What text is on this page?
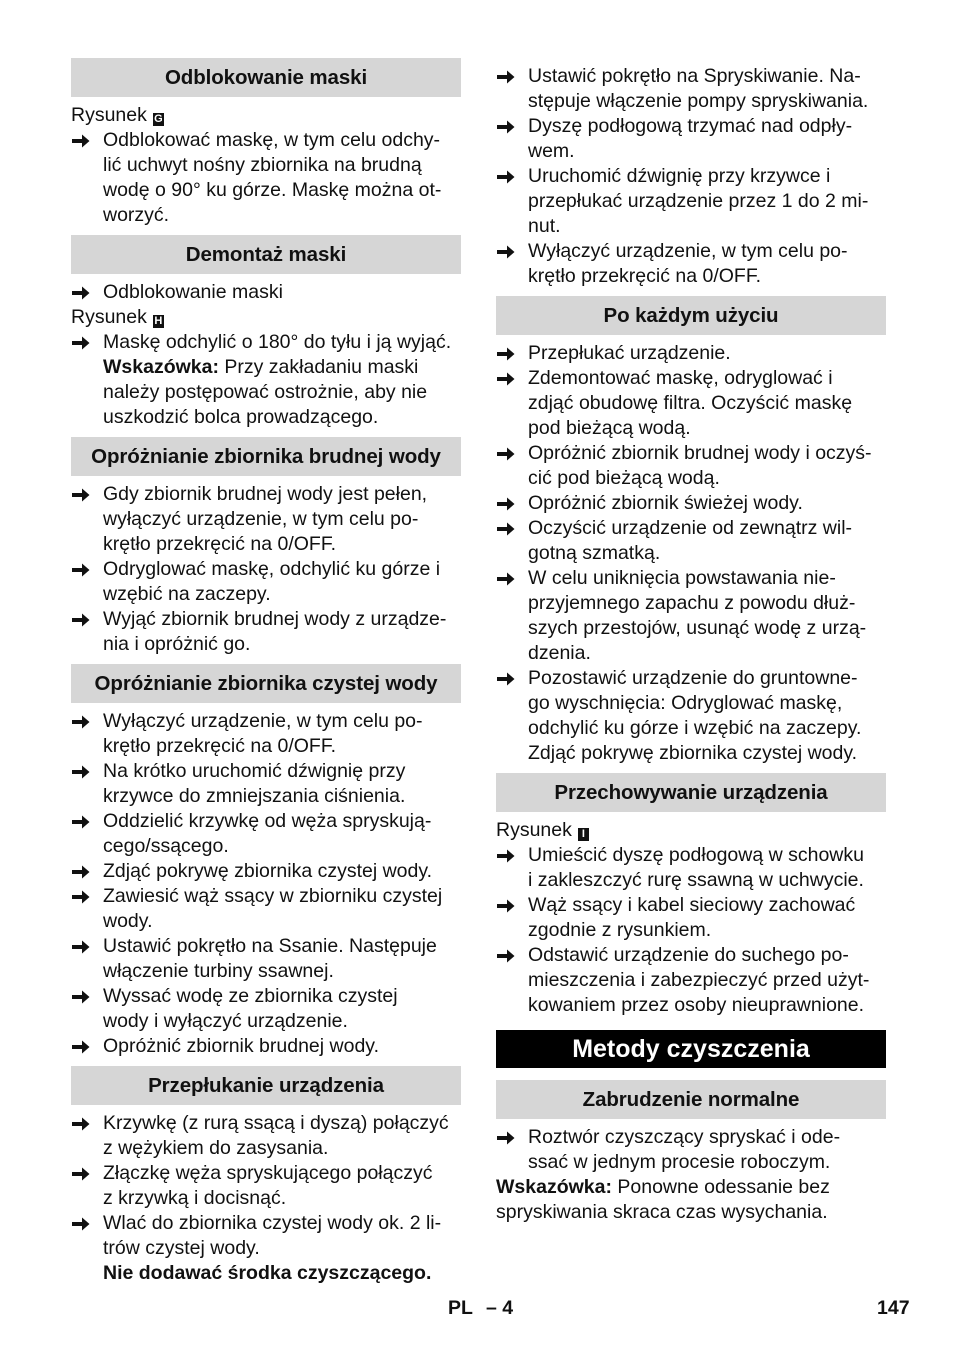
Odblokowanie maski
Rysunek G
Odblokować maskę, w tym celu odchy-
lić uchwyt nośny zbiornika na brudną
wodę o 90° ku górze. Maskę można ot-
worzyć.
Demontaż maski
Odblokowanie maski
Rysunek H
Maskę odchylić o 180° do tyłu i ją wyjąć.
Wskazówka: Przy zakładaniu maski
należy postępować ostrożnie, aby nie
uszkodzić bolca prowadzącego.
Opróżnianie zbiornika brudnej wody
Gdy zbiornik brudnej wody jest pełen,
wyłączyć urządzenie, w tym celu po-
krętło przekręcić na 0/OFF.
Odryglować maskę, odchylić ku górze i
wzębić na zaczepy.
Wyjąć zbiornik brudnej wody z urządze-
nia i opróżnić go.
Opróżnianie zbiornika czystej wody
Wyłączyć urządzenie, w tym celu po-
krętło przekręcić na 0/OFF.
Na krótko uruchomić dźwignię przy
krzywce do zmniejszania ciśnienia.
Oddzielić krzywkę od węża spryskują-
cego/ssącego.
Zdjąć pokrywę zbiornika czystej wody.
Zawiesić wąż ssący w zbiorniku czystej
wody.
Ustawić pokrętło na Ssanie. Następuje
włączenie turbiny ssawnej.
Wyssać wodę ze zbiornika czystej
wody i wyłączyć urządzenie.
Opróżnić zbiornik brudnej wody.
Przepłukanie urządzenia
Krzywkę (z rurą ssącą i dyszą) połączyć
z wężykiem do zasysania.
Złączkę węża spryskującego połączyć
z krzywką i docisnąć.
Wlać do zbiornika czystej wody ok. 2 li-
trów czystej wody.
Nie dodawać środka czyszczącego.
Ustawić pokrętło na Spryskiwanie. Na-
stępuje włączenie pompy spryskiwania.
Dyszę podłogową trzymać nad odpły-
wem.
Uruchomić dźwignię przy krzywce i
przepłukać urządzenie przez 1 do 2 mi-
nut.
Wyłączyć urządzenie, w tym celu po-
krętło przekręcić na 0/OFF.
Po każdym użyciu
Przepłukać urządzenie.
Zdemontować maskę, odryglować i
zdjąć obudowę filtra. Oczyścić maskę
pod bieżącą wodą.
Opróżnić zbiornik brudnej wody i oczyś-
cić pod bieżącą wodą.
Opróżnić zbiornik świeżej wody.
Oczyścić urządzenie od zewnątrz wil-
gotną szmatką.
W celu uniknięcia powstawania nie-
przyjemnego zapachu z powodu dłuż-
szych przestojów, usunąć wodę z urzą-
dzenia.
Pozostawić urządzenie do gruntowne-
go wyschnięcia: Odryglować maskę,
odchylić ku górze i wzębić na zaczepy.
Zdjąć pokrywę zbiornika czystej wody.
Przechowywanie urządzenia
Rysunek I
Umieścić dyszę podłogową w schowku
i zakleszczyć rurę ssawną w uchwycie.
Wąż ssący i kabel sieciowy zachować
zgodnie z rysunkiem.
Odstawić urządzenie do suchego po-
mieszczenia i zabezpieczyć przed użyt-
kowaniem przez osoby nieuprawnione.
Metody czyszczenia
Zabrudzenie normalne
Roztwór czyszczący spryskać i ode-
ssać w jednym procesie roboczym.
Wskazówka: Ponowne odessanie bez
spryskiwania skraca czas wysychania.
PL – 4	147
